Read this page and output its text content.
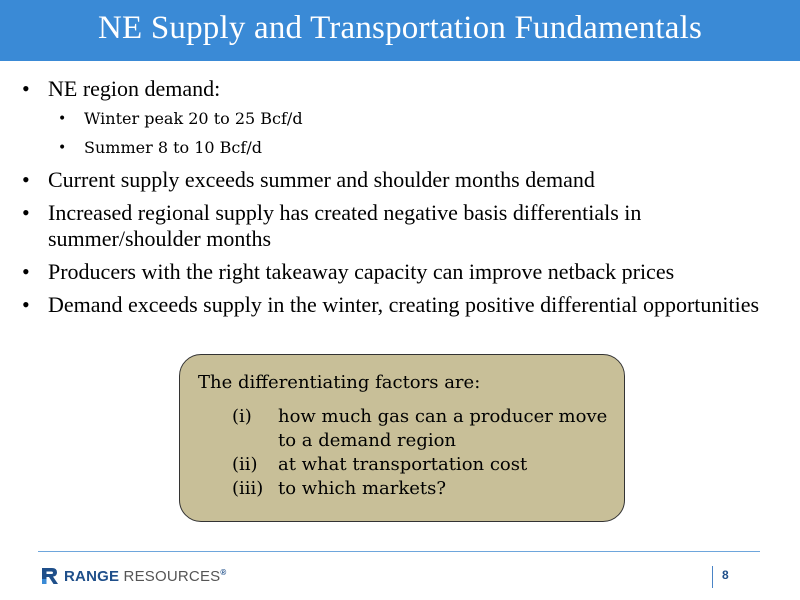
NE Supply and Transportation Fundamentals
• NE region demand:
• Winter peak 20 to 25 Bcf/d
• Summer 8 to 10 Bcf/d
• Current supply exceeds summer and shoulder months demand
• Increased regional supply has created negative basis differentials in summer/shoulder months
• Producers with the right takeaway capacity can improve netback prices
• Demand exceeds supply in the winter, creating positive differential opportunities
The differentiating factors are:
(i)	how much gas can a producer move to a demand region
(ii)	at what transportation cost
(iii) to which markets?
RANGE RESOURCES®	8
